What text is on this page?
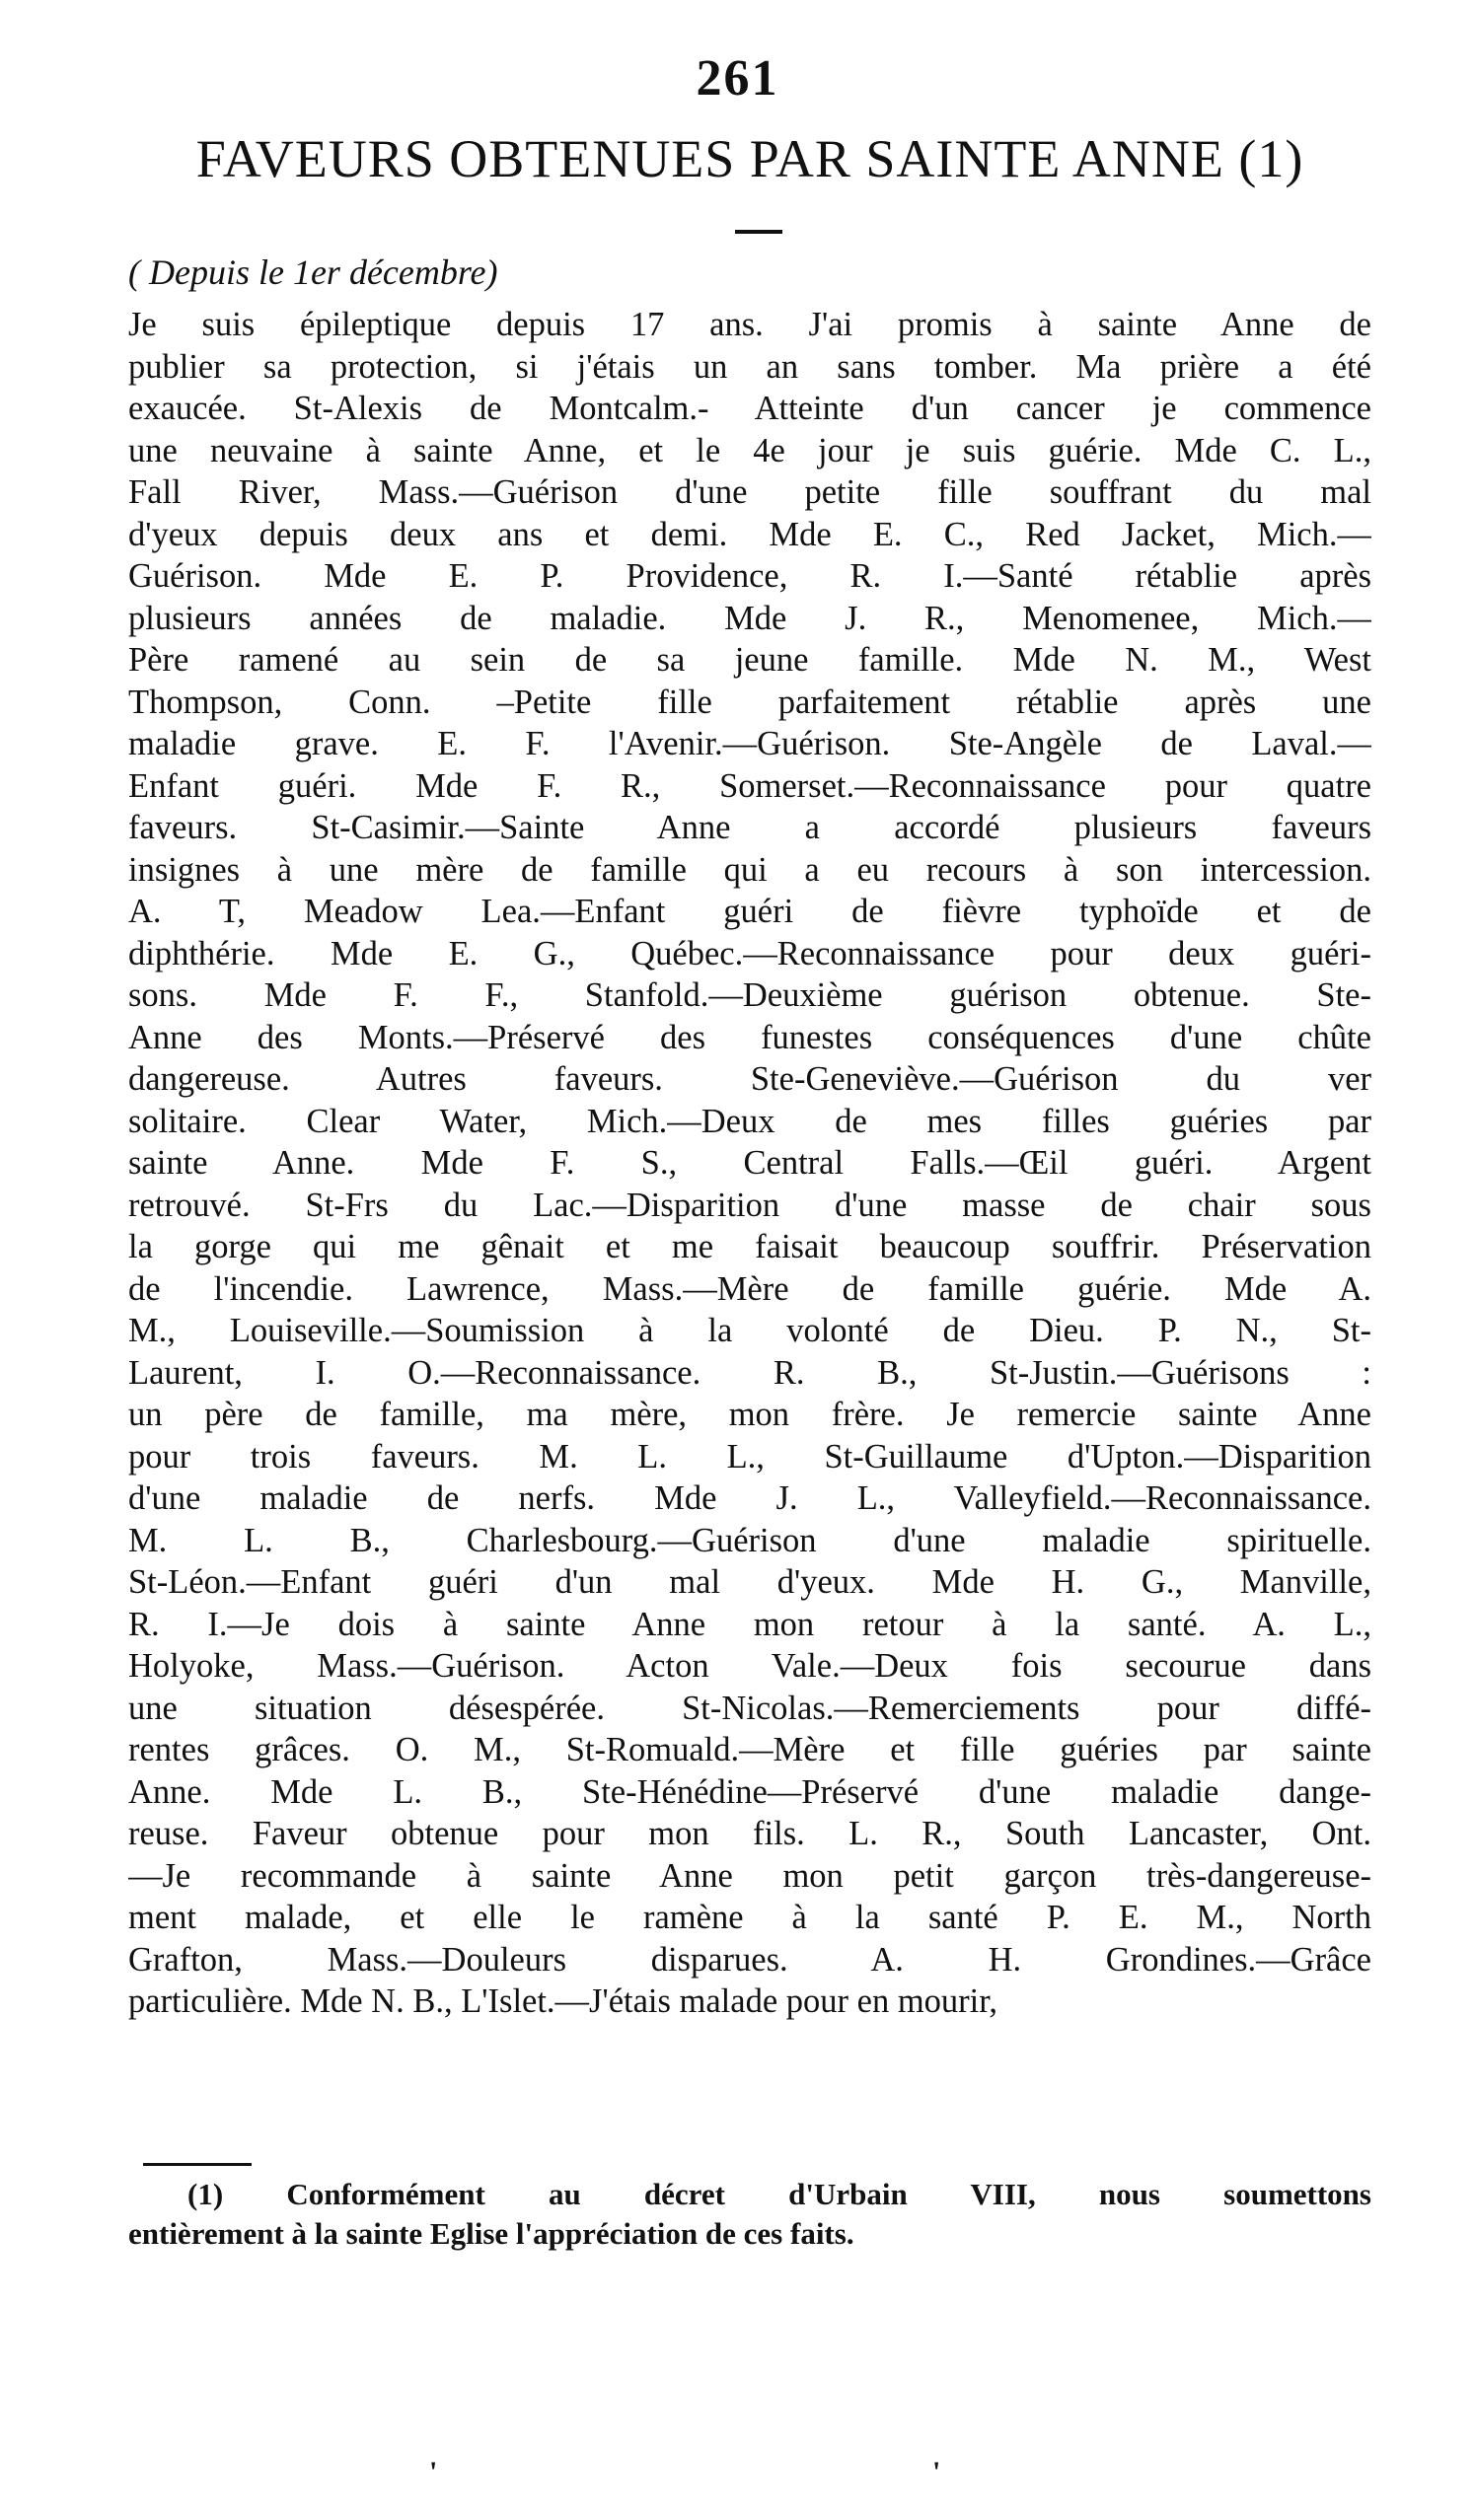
261
FAVEURS OBTENUES PAR SAINTE ANNE (1)
( Depuis le 1er décembre)
Je suis épileptique depuis 17 ans. J'ai promis à sainte Anne de
publier sa protection, si j'étais un an sans tomber. Ma prière a été
exaucée. St-Alexis de Montcalm.- Atteinte d'un cancer je commence
une neuvaine à sainte Anne, et le 4e jour je suis guérie. Mde C. L.,
Fall River, Mass.—Guérison d'une petite fille souffrant du mal
d'yeux depuis deux ans et demi. Mde E. C., Red Jacket, Mich.—
Guérison. Mde E. P. Providence, R. I.—Santé rétablie après
plusieurs années de maladie. Mde J. R., Menomenee, Mich.—
Père ramené au sein de sa jeune famille. Mde N. M., West
Thompson, Conn. –Petite fille parfaitement rétablie après une
maladie grave. E. F. l'Avenir.—Guérison. Ste-Angèle de Laval.—
Enfant guéri. Mde F. R., Somerset.—Reconnaissance pour quatre
faveurs. St-Casimir.—Sainte Anne a accordé plusieurs faveurs
insignes à une mère de famille qui a eu recours à son intercession.
A. T, Meadow Lea.—Enfant guéri de fièvre typhoïde et de
diphthérie. Mde E. G., Québec.—Reconnaissance pour deux guéri-
sons. Mde F. F., Stanfold.—Deuxième guérison obtenue. Ste-
Anne des Monts.—Préservé des funestes conséquences d'une chûte
dangereuse. Autres faveurs. Ste-Geneviève.—Guérison du ver
solitaire. Clear Water, Mich.—Deux de mes filles guéries par
sainte Anne. Mde F. S., Central Falls.—Œil guéri. Argent
retrouvé. St-Frs du Lac.—Disparition d'une masse de chair sous
la gorge qui me gênait et me faisait beaucoup souffrir. Préservation
de l'incendie. Lawrence, Mass.—Mère de famille guérie. Mde A.
M., Louiseville.—Soumission à la volonté de Dieu. P. N., St-
Laurent, I. O.—Reconnaissance. R. B., St-Justin.—Guérisons :
un père de famille, ma mère, mon frère. Je remercie sainte Anne
pour trois faveurs. M. L. L., St-Guillaume d'Upton.—Disparition
d'une maladie de nerfs. Mde J. L., Valleyfield.—Reconnaissance.
M. L. B., Charlesbourg.—Guérison d'une maladie spirituelle.
St-Léon.—Enfant guéri d'un mal d'yeux. Mde H. G., Manville,
R. I.—Je dois à sainte Anne mon retour à la santé. A. L.,
Holyoke, Mass.—Guérison. Acton Vale.—Deux fois secourue dans
une situation désespérée. St-Nicolas.—Remerciements pour diffé-
rentes grâces. O. M., St-Romuald.—Mère et fille guéries par sainte
Anne. Mde L. B., Ste-Hénédine—Préservé d'une maladie dange-
reuse. Faveur obtenue pour mon fils. L. R., South Lancaster, Ont.
—Je recommande à sainte Anne mon petit garçon très-dangereuse-
ment malade, et elle le ramène à la santé P. E. M., North
Grafton, Mass.—Douleurs disparues. A. H. Grondines.—Grâce
particulière. Mde N. B., L'Islet.—J'étais malade pour en mourir,
(1) Conformément au décret d'Urbain VIII, nous soumettons
entièrement à la sainte Eglise l'appréciation de ces faits.
'	'
